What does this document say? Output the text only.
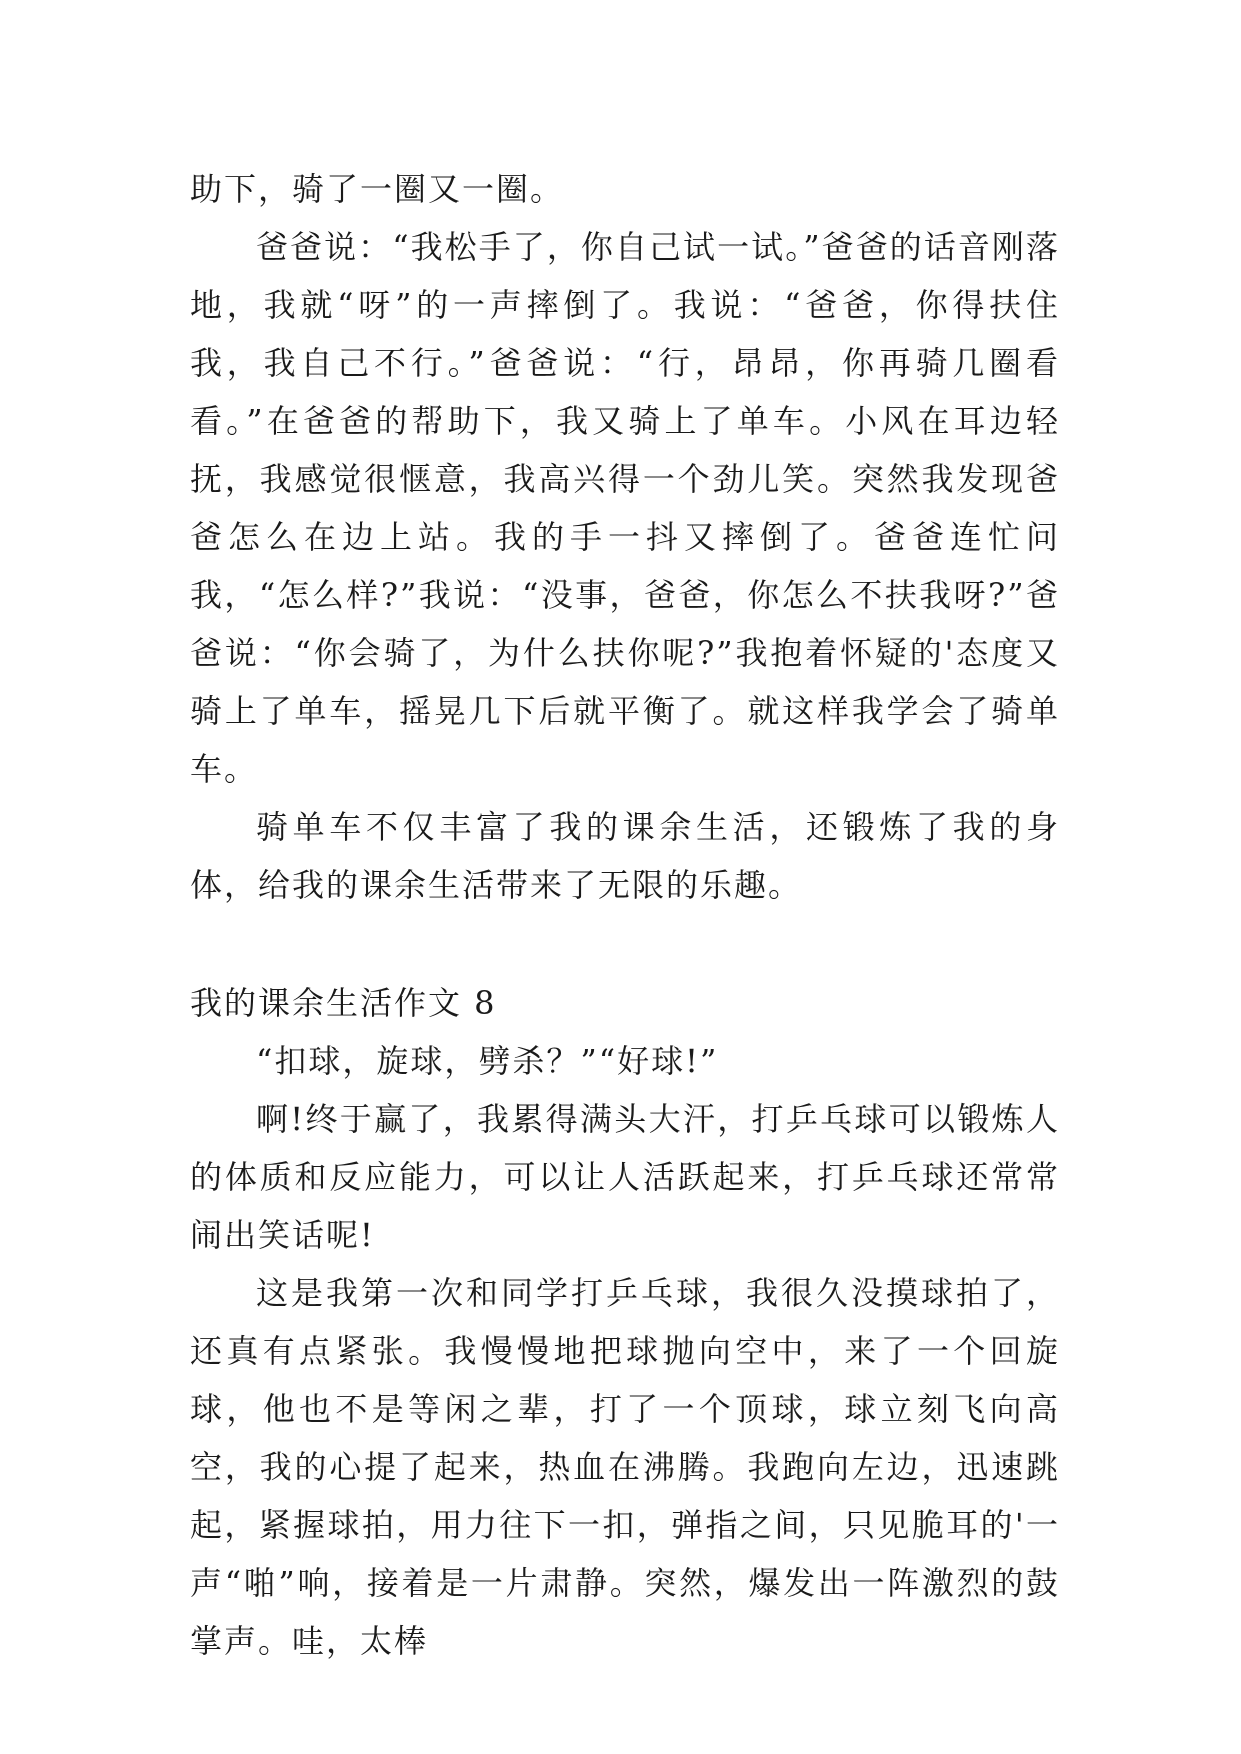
助下，骑了一圈又一圈。

爸爸说：“我松手了，你自己试一试。”爸爸的话音刚落地，我就“呀”的一声摔倒了。我说：“爸爸，你得扶住我，我自己不行。”爸爸说：“行，昂昂，你再骑几圈看看。”在爸爸的帮助下，我又骑上了单车。小风在耳边轻抚，我感觉很惬意，我高兴得一个劲儿笑。突然我发现爸爸怎么在边上站。我的手一抖又摔倒了。爸爸连忙问我，“怎么样?”我说：“没事，爸爸，你怎么不扶我呀?”爸爸说：“你会骑了，为什么扶你呢?”我抱着怀疑的'态度又骑上了单车，摇晃几下后就平衡了。就这样我学会了骑单车。

骑单车不仅丰富了我的课余生活，还锻炼了我的身体，给我的课余生活带来了无限的乐趣。

我的课余生活作文 8

“扣球，旋球，劈杀？”“好球!”

啊!终于赢了，我累得满头大汗，打乒乓球可以锻炼人的体质和反应能力，可以让人活跃起来，打乒乓球还常常闹出笑话呢!

这是我第一次和同学打乒乓球，我很久没摸球拍了，还真有点紧张。我慢慢地把球抛向空中，来了一个回旋球，他也不是等闲之辈，打了一个顶球，球立刻飞向高空，我的心提了起来，热血在沸腾。我跑向左边，迅速跳起，紧握球拍，用力往下一扣，弹指之间，只见脆耳的'一声“啪”响，接着是一片肃静。突然，爆发出一阵激烈的鼓掌声。哇，太棒
